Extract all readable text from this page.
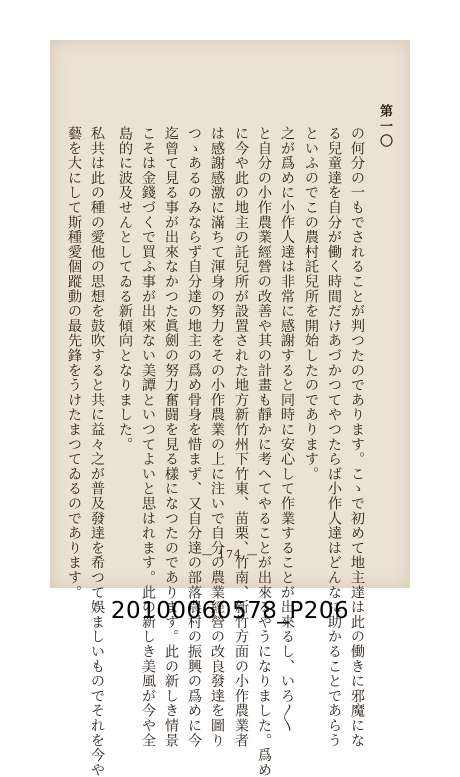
第一〇
の何分の一もでされることが判つたのであります。こゝで初めて地主達は此の働きに邪魔にな
る兒童達を自分が働く時間だけあづかつてやつたらば小作人達はどんなに助かることであらう
といふのでこの農村託兒所を開始したのであります。
之が爲めに小作人達は非常に感謝すると同時に安心して作業することが出來るし、いろ〳〵
と自分の小作農業經營の改善や其の計畫も靜かに考へてやることが出來るやうになりました。爲め
に今や此の地主の託兒所が設置された地方新竹州下竹東、苗栗、竹南、新竹方面の小作農業者
は感謝感激に滿ちて渾身の努力をその小作農業の上に注いで自分の農業經營の改良發達を圖り
つゝあるのみならず自分達の地主の爲め骨身を惜まず、又自分達の部落農村の振興の爲めに今
迄曾て見る事が出來なかつた眞劍の努力奮闘を見る樣になつたのであります。此の新しき情景
こそは金錢づくで買ふ事が出來ない美譚といつてよいと思はれます。此の新しき美風が今や全
島的に波及せんとしてゐる新傾向となりました。
私共は此の種の愛他の思想を鼓吹すると共に益々之が普及發達を希つて娛ましいものでそれを今や
藝を大にして斯種愛個蹤動の最先鋒をうけたまつてゐるのであります。	— 174 —
20100060578_P206
